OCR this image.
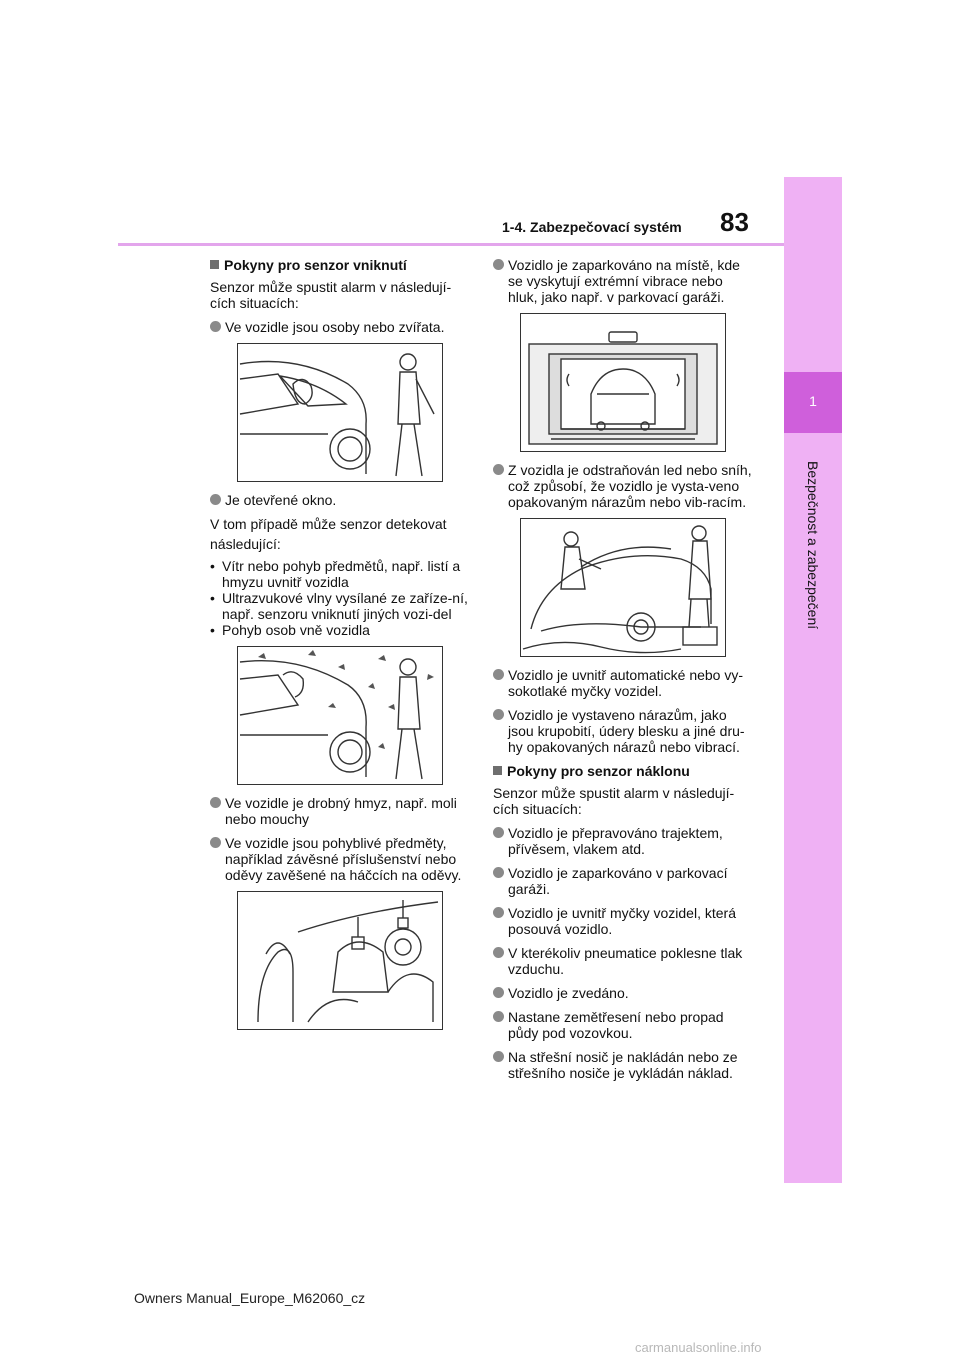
1
Bezpečnost a zabezpečení
83
1-4. Zabezpečovací systém
Pokyny pro senzor vniknutí

Senzor může spustit alarm v následují-cích situacích:

Ve vozidle jsou osoby nebo zvířata.
Je otevřené okno.

V tom případě může senzor detekovat

následující:

• Vítr nebo pohyb předmětů, např. listí a hmyzu uvnitř vozidla
• Ultrazvukové vlny vysílané ze zaříze-ní, např. senzoru vniknutí jiných vozi-del
• Pohyb osob vně vozidla
Ve vozidle je drobný hmyz, např. moli nebo mouchy
Ve vozidle jsou pohyblivé předměty, například závěsné příslušenství nebo oděvy zavěšené na háčcích na oděvy.
Vozidlo je zaparkováno na místě, kde se vyskytují extrémní vibrace nebo hluk, jako např. v parkovací garáži.
Z vozidla je odstraňován led nebo sníh, což způsobí, že vozidlo je vysta-veno opakovaným nárazům nebo vib-racím.
Vozidlo je uvnitř automatické nebo vy-sokotlaké myčky vozidel.
Vozidlo je vystaveno nárazům, jako jsou krupobití, údery blesku a jiné dru-hy opakovaných nárazů nebo vibrací.
Pokyny pro senzor náklonu

Senzor může spustit alarm v následují-cích situacích:

Vozidlo je přepravováno trajektem, přívěsem, vlakem atd.
Vozidlo je zaparkováno v parkovací garáži.
Vozidlo je uvnitř myčky vozidel, která posouvá vozidlo.
V kterékoliv pneumatice poklesne tlak vzduchu.
Vozidlo je zvedáno.
Nastane zemětřesení nebo propad půdy pod vozovkou.
Na střešní nosič je nakládán nebo ze střešního nosiče je vykládán náklad.
Owners Manual_Europe_M62060_cz
carmanualsonline.info
